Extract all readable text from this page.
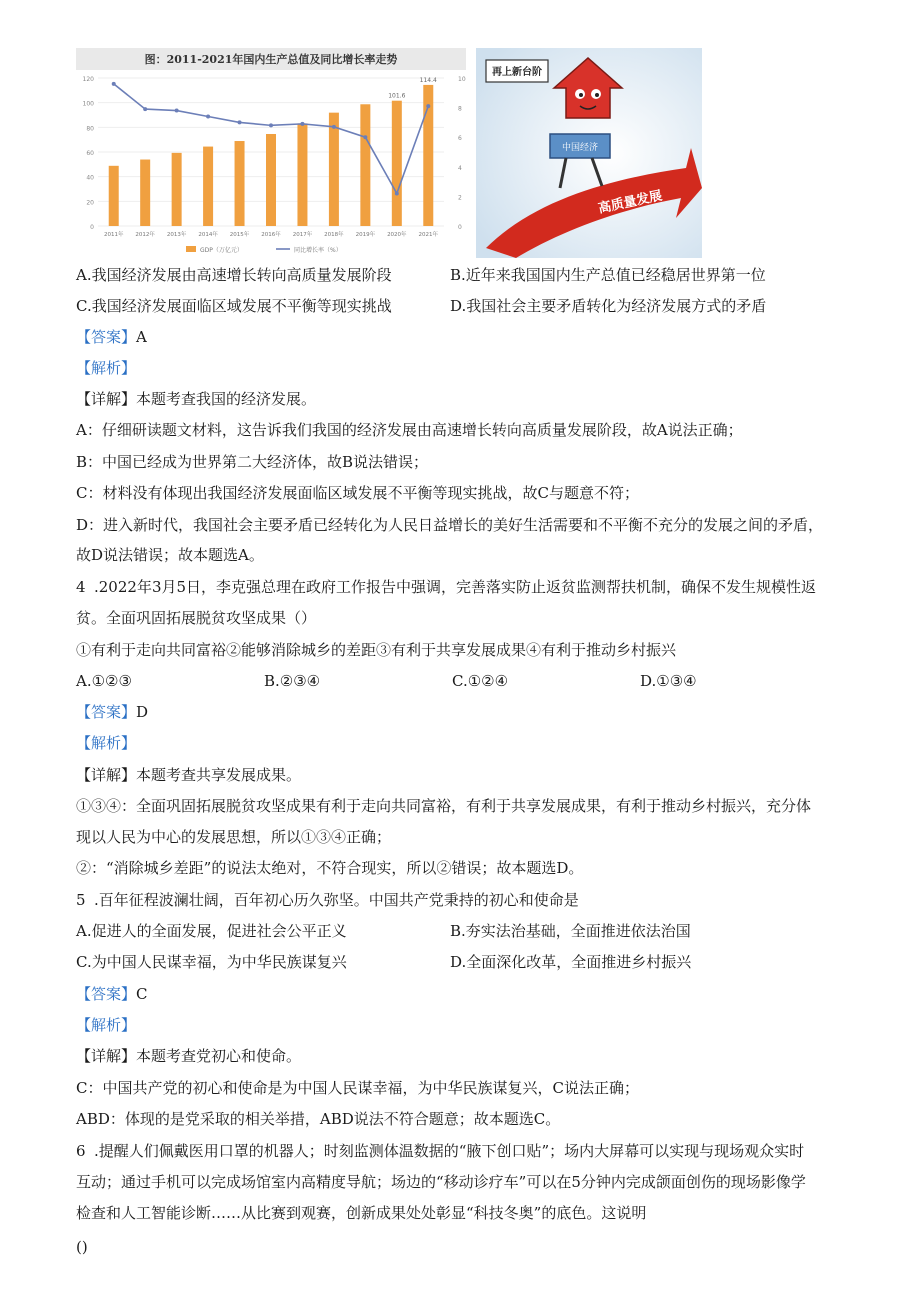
图：2011-2021年国内生产总值及同比增长率走势
120
100
80
60
40
20
0
10
8
6
4
2
0
101.6
114.4
2011年 2012年 2013年 2014年 2015年 2016年 2017年 2018年 2019年 2020年 2021年
GDP（万亿元）	同比增长率（%）
再上新台阶
中国经济
高质量发展
A.我国经济发展由高速增长转向高质量发展阶段	B.近年来我国国内生产总值已经稳居世界第一位
C.我国经济发展面临区域发展不平衡等现实挑战	D.我国社会主要矛盾转化为经济发展方式的矛盾
【答案】A
【解析】
【详解】本题考查我国的经济发展。
A：仔细研读题文材料，这告诉我们我国的经济发展由高速增长转向高质量发展阶段，故A说法正确；
B：中国已经成为世界第二大经济体，故B说法错误；
C：材料没有体现出我国经济发展面临区域发展不平衡等现实挑战，故C与题意不符；
D：进入新时代，我国社会主要矛盾已经转化为人民日益增长的美好生活需要和不平衡不充分的发展之间的矛盾，
故D说法错误；故本题选A。
4 .2022年3月5日，李克强总理在政府工作报告中强调，完善落实防止返贫监测帮扶机制，确保不发生规模性返
贫。全面巩固拓展脱贫攻坚成果（）
①有利于走向共同富裕②能够消除城乡的差距③有利于共享发展成果④有利于推动乡村振兴
A.①②③	B.②③④	C.①②④	D.①③④
【答案】D
【解析】
【详解】本题考查共享发展成果。
①③④：全面巩固拓展脱贫攻坚成果有利于走向共同富裕，有利于共享发展成果，有利于推动乡村振兴，充分体
现以人民为中心的发展思想，所以①③④正确；
②：“消除城乡差距”的说法太绝对，不符合现实，所以②错误；故本题选D。
5 .百年征程波澜壮阔，百年初心历久弥坚。中国共产党秉持的初心和使命是
A.促进人的全面发展，促进社会公平正义	B.夯实法治基础，全面推进依法治国
C.为中国人民谋幸福，为中华民族谋复兴	D.全面深化改革，全面推进乡村振兴
【答案】C
【解析】
【详解】本题考查党初心和使命。
C：中国共产党的初心和使命是为中国人民谋幸福，为中华民族谋复兴，C说法正确；
ABD：体现的是党采取的相关举措，ABD说法不符合题意；故本题选C。
6 .提醒人们佩戴医用口罩的机器人；时刻监测体温数据的“腋下创口贴”；场内大屏幕可以实现与现场观众实时
互动；通过手机可以完成场馆室内高精度导航；场边的“移动诊疗车”可以在5分钟内完成颌面创伤的现场影像学
检查和人工智能诊断……从比赛到观赛，创新成果处处彰显“科技冬奥”的底色。这说明
()
